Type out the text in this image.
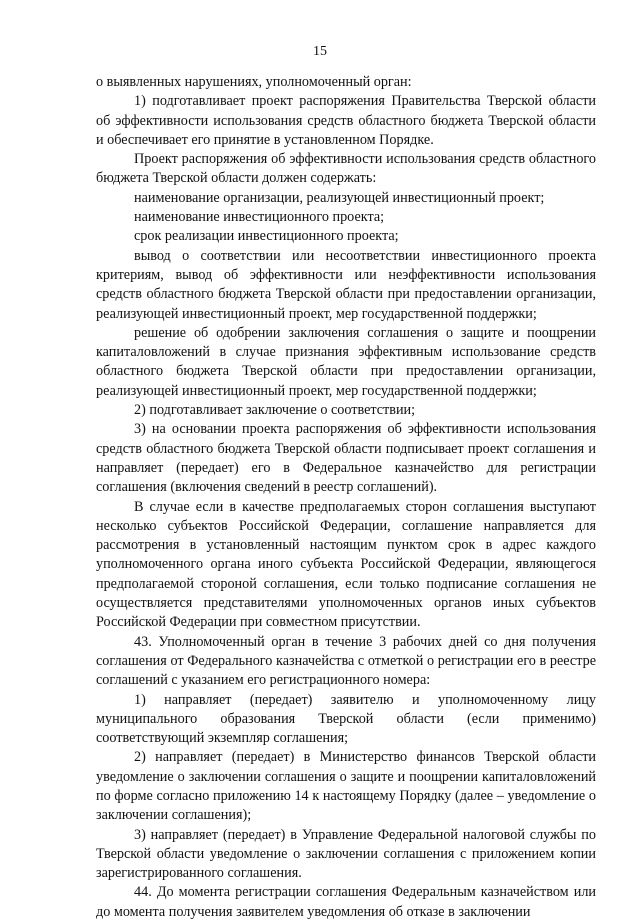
15

о выявленных нарушениях, уполномоченный орган:

1) подготавливает проект распоряжения Правительства Тверской области об эффективности использования средств областного бюджета Тверской области и обеспечивает его принятие в установленном Порядке.

Проект распоряжения об эффективности использования средств областного бюджета Тверской области должен содержать:

наименование организации, реализующей инвестиционный проект;

наименование инвестиционного проекта;

срок реализации инвестиционного проекта;

вывод о соответствии или несоответствии инвестиционного проекта критериям, вывод об эффективности или неэффективности использования средств областного бюджета Тверской области при предоставлении организации, реализующей инвестиционный проект, мер государственной поддержки;

решение об одобрении заключения соглашения о защите и поощрении капиталовложений в случае признания эффективным использование средств областного бюджета Тверской области при предоставлении организации, реализующей инвестиционный проект, мер государственной поддержки;

2) подготавливает заключение о соответствии;

3) на основании проекта распоряжения об эффективности использования средств областного бюджета Тверской области подписывает проект соглашения и направляет (передает) его в Федеральное казначейство для регистрации соглашения (включения сведений в реестр соглашений).

В случае если в качестве предполагаемых сторон соглашения выступают несколько субъектов Российской Федерации, соглашение направляется для рассмотрения в установленный настоящим пунктом срок в адрес каждого уполномоченного органа иного субъекта Российской Федерации, являющегося предполагаемой стороной соглашения, если только подписание соглашения не осуществляется представителями уполномоченных органов иных субъектов Российской Федерации при совместном присутствии.

43. Уполномоченный орган в течение 3 рабочих дней со дня получения соглашения от Федерального казначейства с отметкой о регистрации его в реестре соглашений с указанием его регистрационного номера:

1) направляет (передает) заявителю и уполномоченному лицу муниципального образования Тверской области (если применимо) соответствующий экземпляр соглашения;

2) направляет (передает) в Министерство финансов Тверской области уведомление о заключении соглашения о защите и поощрении капиталовложений по форме согласно приложению 14 к настоящему Порядку (далее – уведомление о заключении соглашения);

3) направляет (передает) в Управление Федеральной налоговой службы по Тверской области уведомление о заключении соглашения с приложением копии зарегистрированного соглашения.

44. До момента регистрации соглашения Федеральным казначейством или до момента получения заявителем уведомления об отказе в заключении
